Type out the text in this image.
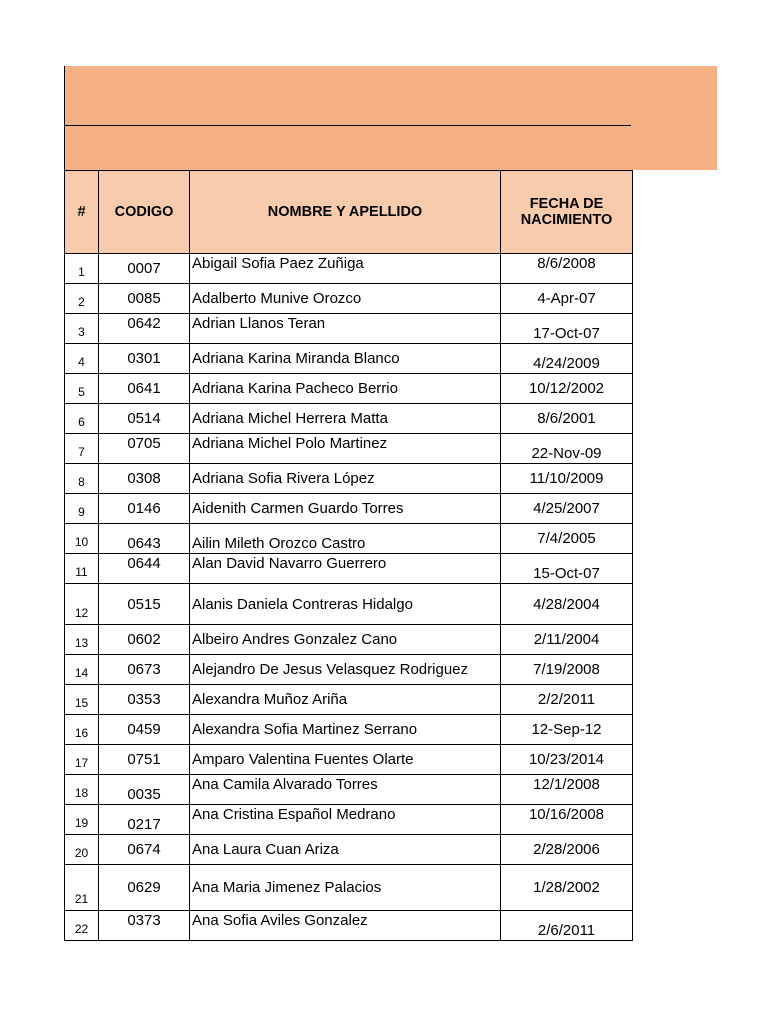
#	CODIGO	NOMBRE Y APELLIDO	FECHA DE NACIMIENTO
1	0007	Abigail Sofia Paez Zuñiga	8/6/2008
2	0085	Adalberto Munive Orozco	4-Apr-07
3	0642	Adrian Llanos Teran	17-Oct-07
4	0301	Adriana Karina Miranda Blanco	4/24/2009
5	0641	Adriana Karina Pacheco Berrio	10/12/2002
6	0514	Adriana Michel Herrera Matta	8/6/2001
7	0705	Adriana Michel Polo Martinez	22-Nov-09
8	0308	Adriana Sofia Rivera López	11/10/2009
9	0146	Aidenith Carmen Guardo Torres	4/25/2007
10	0643	Ailin Mileth Orozco Castro	7/4/2005
11	0644	Alan David Navarro Guerrero	15-Oct-07
12	0515	Alanis Daniela Contreras Hidalgo	4/28/2004
13	0602	Albeiro Andres Gonzalez Cano	2/11/2004
14	0673	Alejandro De Jesus Velasquez Rodriguez	7/19/2008
15	0353	Alexandra Muñoz Ariña	2/2/2011
16	0459	Alexandra Sofia Martinez Serrano	12-Sep-12
17	0751	Amparo Valentina Fuentes Olarte	10/23/2014
18	0035	Ana Camila Alvarado Torres	12/1/2008
19	0217	Ana Cristina Español Medrano	10/16/2008
20	0674	Ana Laura Cuan Ariza	2/28/2006
21	0629	Ana Maria Jimenez Palacios	1/28/2002
22	0373	Ana Sofia Aviles Gonzalez	2/6/2011
